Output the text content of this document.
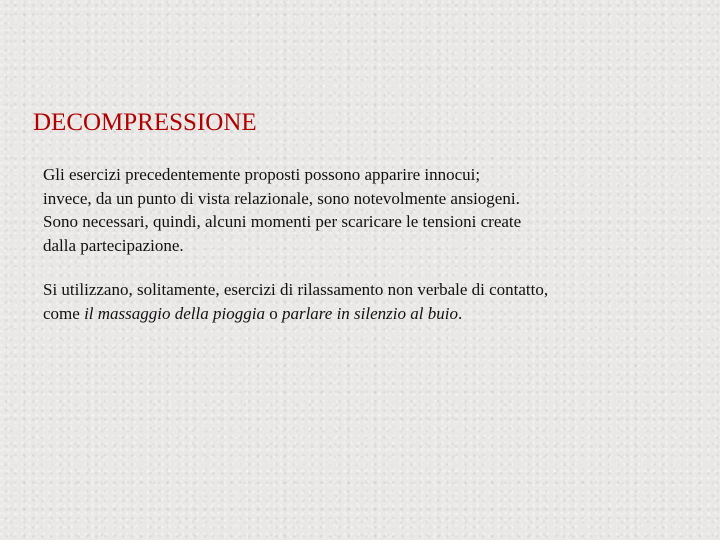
DECOMPRESSIONE

Gli esercizi precedentemente proposti possono apparire innocui;
invece, da un punto di vista relazionale, sono notevolmente ansiogeni.
Sono necessari, quindi, alcuni momenti per scaricare le tensioni create
dalla partecipazione.

Si utilizzano, solitamente, esercizi di rilassamento non verbale di contatto,
come il massaggio della pioggia o parlare in silenzio al buio.
